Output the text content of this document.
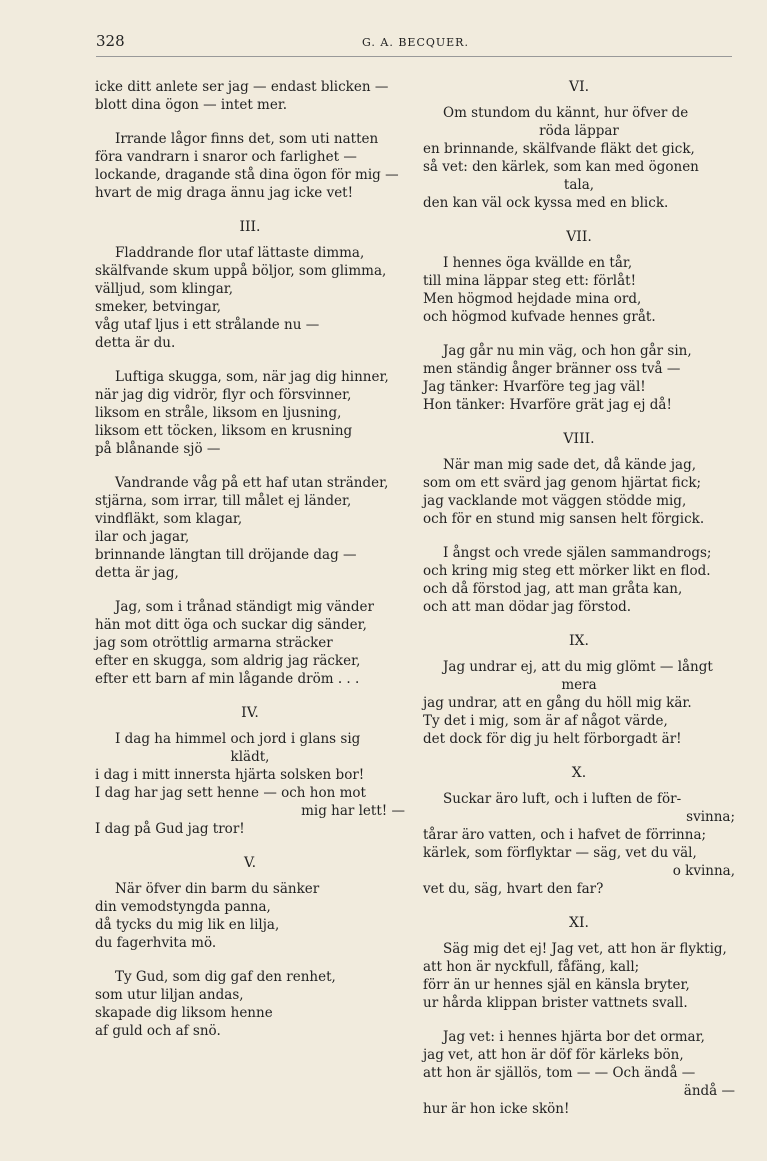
328	G. A. BECQUER.
icke ditt anlete ser jag — endast blicken —
blott dina ögon — intet mer.
Irrande lågor finns det, som uti natten
föra vandrarn i snaror och farlighet —
lockande, dragande stå dina ögon för mig —
hvart de mig draga ännu jag icke vet!
III.
Fladdrande flor utaf lättaste dimma,
skälfvande skum uppå böljor, som glimma,
välljud, som klingar,
smeker, betvingar,
våg utaf ljus i ett strålande nu —
detta är du.
Luftiga skugga, som, när jag dig hinner,
när jag dig vidrör, flyr och försvinner,
liksom en stråle, liksom en ljusning,
liksom ett töcken, liksom en krusning
på blånande sjö —
Vandrande våg på ett haf utan stränder,
stjärna, som irrar, till målet ej länder,
vindfläkt, som klagar,
ilar och jagar,
brinnande längtan till dröjande dag —
detta är jag,
Jag, som i trånad ständigt mig vänder
hän mot ditt öga och suckar dig sänder,
jag som otröttlig armarna sträcker
efter en skugga, som aldrig jag räcker,
efter ett barn af min lågande dröm . . .
IV.
I dag ha himmel och jord i glans sig
klädt,
i dag i mitt innersta hjärta solsken bor!
I dag har jag sett henne — och hon mot
mig har lett! —
I dag på Gud jag tror!
V.
När öfver din barm du sänker
din vemodstyngda panna,
då tycks du mig lik en lilja,
du fagerhvita mö.
Ty Gud, som dig gaf den renhet,
som utur liljan andas,
skapade dig liksom henne
af guld och af snö.
VI.
Om stundom du kännt, hur öfver de
röda läppar
en brinnande, skälfvande fläkt det gick,
så vet: den kärlek, som kan med ögonen
tala,
den kan väl ock kyssa med en blick.
VII.
I hennes öga kvällde en tår,
till mina läppar steg ett: förlåt!
Men högmod hejdade mina ord,
och högmod kufvade hennes gråt.
Jag går nu min väg, och hon går sin,
men ständig ånger bränner oss två —
Jag tänker: Hvarföre teg jag väl!
Hon tänker: Hvarföre grät jag ej då!
VIII.
När man mig sade det, då kände jag,
som om ett svärd jag genom hjärtat fick;
jag vacklande mot väggen stödde mig,
och för en stund mig sansen helt förgick.
I ångst och vrede själen sammandrogs;
och kring mig steg ett mörker likt en flod.
och då förstod jag, att man gråta kan,
och att man dödar jag förstod.
IX.
Jag undrar ej, att du mig glömt — långt
mera
jag undrar, att en gång du höll mig kär.
Ty det i mig, som är af något värde,
det dock för dig ju helt förborgadt är!
X.
Suckar äro luft, och i luften de för-
svinna;
tårar äro vatten, och i hafvet de förrinna;
kärlek, som förflyktar — säg, vet du väl,
o kvinna,
vet du, säg, hvart den far?
XI.
Säg mig det ej! Jag vet, att hon är flyktig,
att hon är nyckfull, fåfäng, kall;
förr än ur hennes själ en känsla bryter,
ur hårda klippan brister vattnets svall.
Jag vet: i hennes hjärta bor det ormar,
jag vet, att hon är döf för kärleks bön,
att hon är själlös, tom — — Och ändå —
ändå —
hur är hon icke skön!
